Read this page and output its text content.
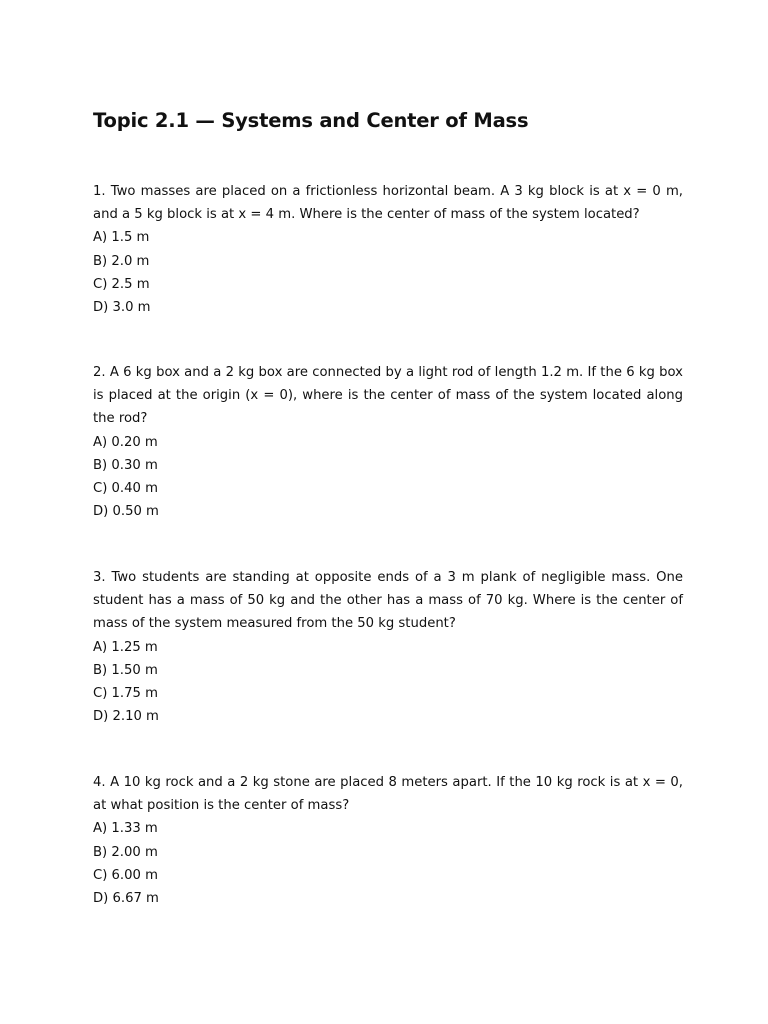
Topic 2.1 — Systems and Center of Mass

1. Two masses are placed on a frictionless horizontal beam. A 3 kg block is at x = 0 m, and a 5 kg block is at x = 4 m. Where is the center of mass of the system located?

A) 1.5 m

B) 2.0 m

C) 2.5 m

D) 3.0 m

2. A 6 kg box and a 2 kg box are connected by a light rod of length 1.2 m. If the 6 kg box is placed at the origin (x = 0), where is the center of mass of the system located along the rod?

A) 0.20 m

B) 0.30 m

C) 0.40 m

D) 0.50 m

3. Two students are standing at opposite ends of a 3 m plank of negligible mass. One student has a mass of 50 kg and the other has a mass of 70 kg. Where is the center of mass of the system measured from the 50 kg student?

A) 1.25 m

B) 1.50 m

C) 1.75 m

D) 2.10 m

4. A 10 kg rock and a 2 kg stone are placed 8 meters apart. If the 10 kg rock is at x = 0, at what position is the center of mass?

A) 1.33 m

B) 2.00 m

C) 6.00 m

D) 6.67 m
